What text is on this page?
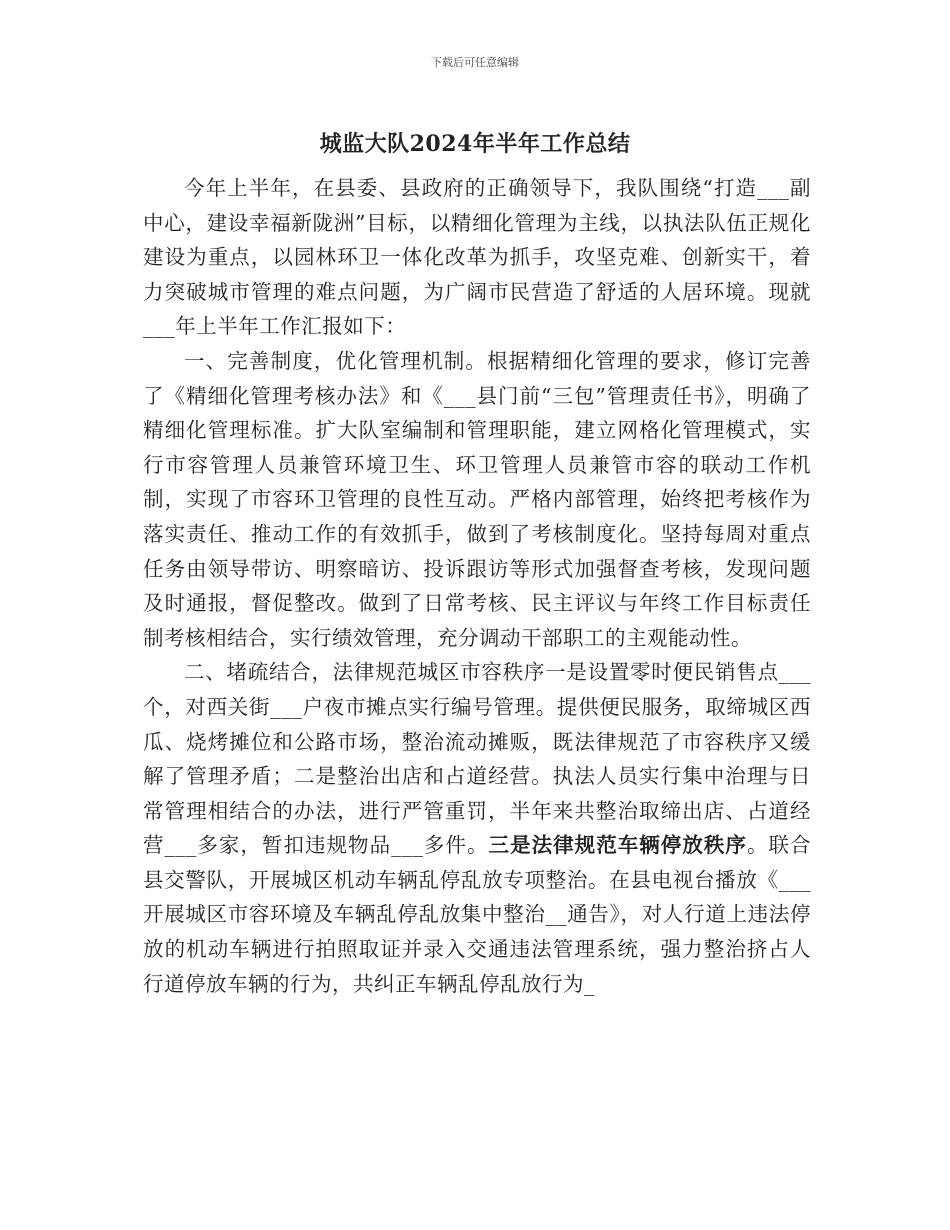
下载后可任意编辑
城监大队2024年半年工作总结

今年上半年，在县委、县政府的正确领导下，我队围绕“打造___副中心，建设幸福新陇洲”目标，以精细化管理为主线，以执法队伍正规化建设为重点，以园林环卫一体化改革为抓手，攻坚克难、创新实干，着力突破城市管理的难点问题，为广阔市民营造了舒适的人居环境。现就___年上半年工作汇报如下：

一、完善制度，优化管理机制。根据精细化管理的要求，修订完善了《精细化管理考核办法》和《___县门前“三包”管理责任书》，明确了精细化管理标准。扩大队室编制和管理职能，建立网格化管理模式，实行市容管理人员兼管环境卫生、环卫管理人员兼管市容的联动工作机制，实现了市容环卫管理的良性互动。严格内部管理，始终把考核作为落实责任、推动工作的有效抓手，做到了考核制度化。坚持每周对重点任务由领导带访、明察暗访、投诉跟访等形式加强督查考核，发现问题及时通报，督促整改。做到了日常考核、民主评议与年终工作目标责任制考核相结合，实行绩效管理，充分调动干部职工的主观能动性。

二、堵疏结合，法律规范城区市容秩序一是设置零时便民销售点___个，对西关街___户夜市摊点实行编号管理。提供便民服务，取缔城区西瓜、烧烤摊位和公路市场，整治流动摊贩，既法律规范了市容秩序又缓解了管理矛盾；二是整治出店和占道经营。执法人员实行集中治理与日常管理相结合的办法，进行严管重罚，半年来共整治取缔出店、占道经营___多家，暂扣违规物品___多件。三是法律规范车辆停放秩序。联合县交警队，开展城区机动车辆乱停乱放专项整治。在县电视台播放《___开展城区市容环境及车辆乱停乱放集中整治__通告》，对人行道上违法停放的机动车辆进行拍照取证并录入交通违法管理系统，强力整治挤占人行道停放车辆的行为，共纠正车辆乱停乱放行为_
